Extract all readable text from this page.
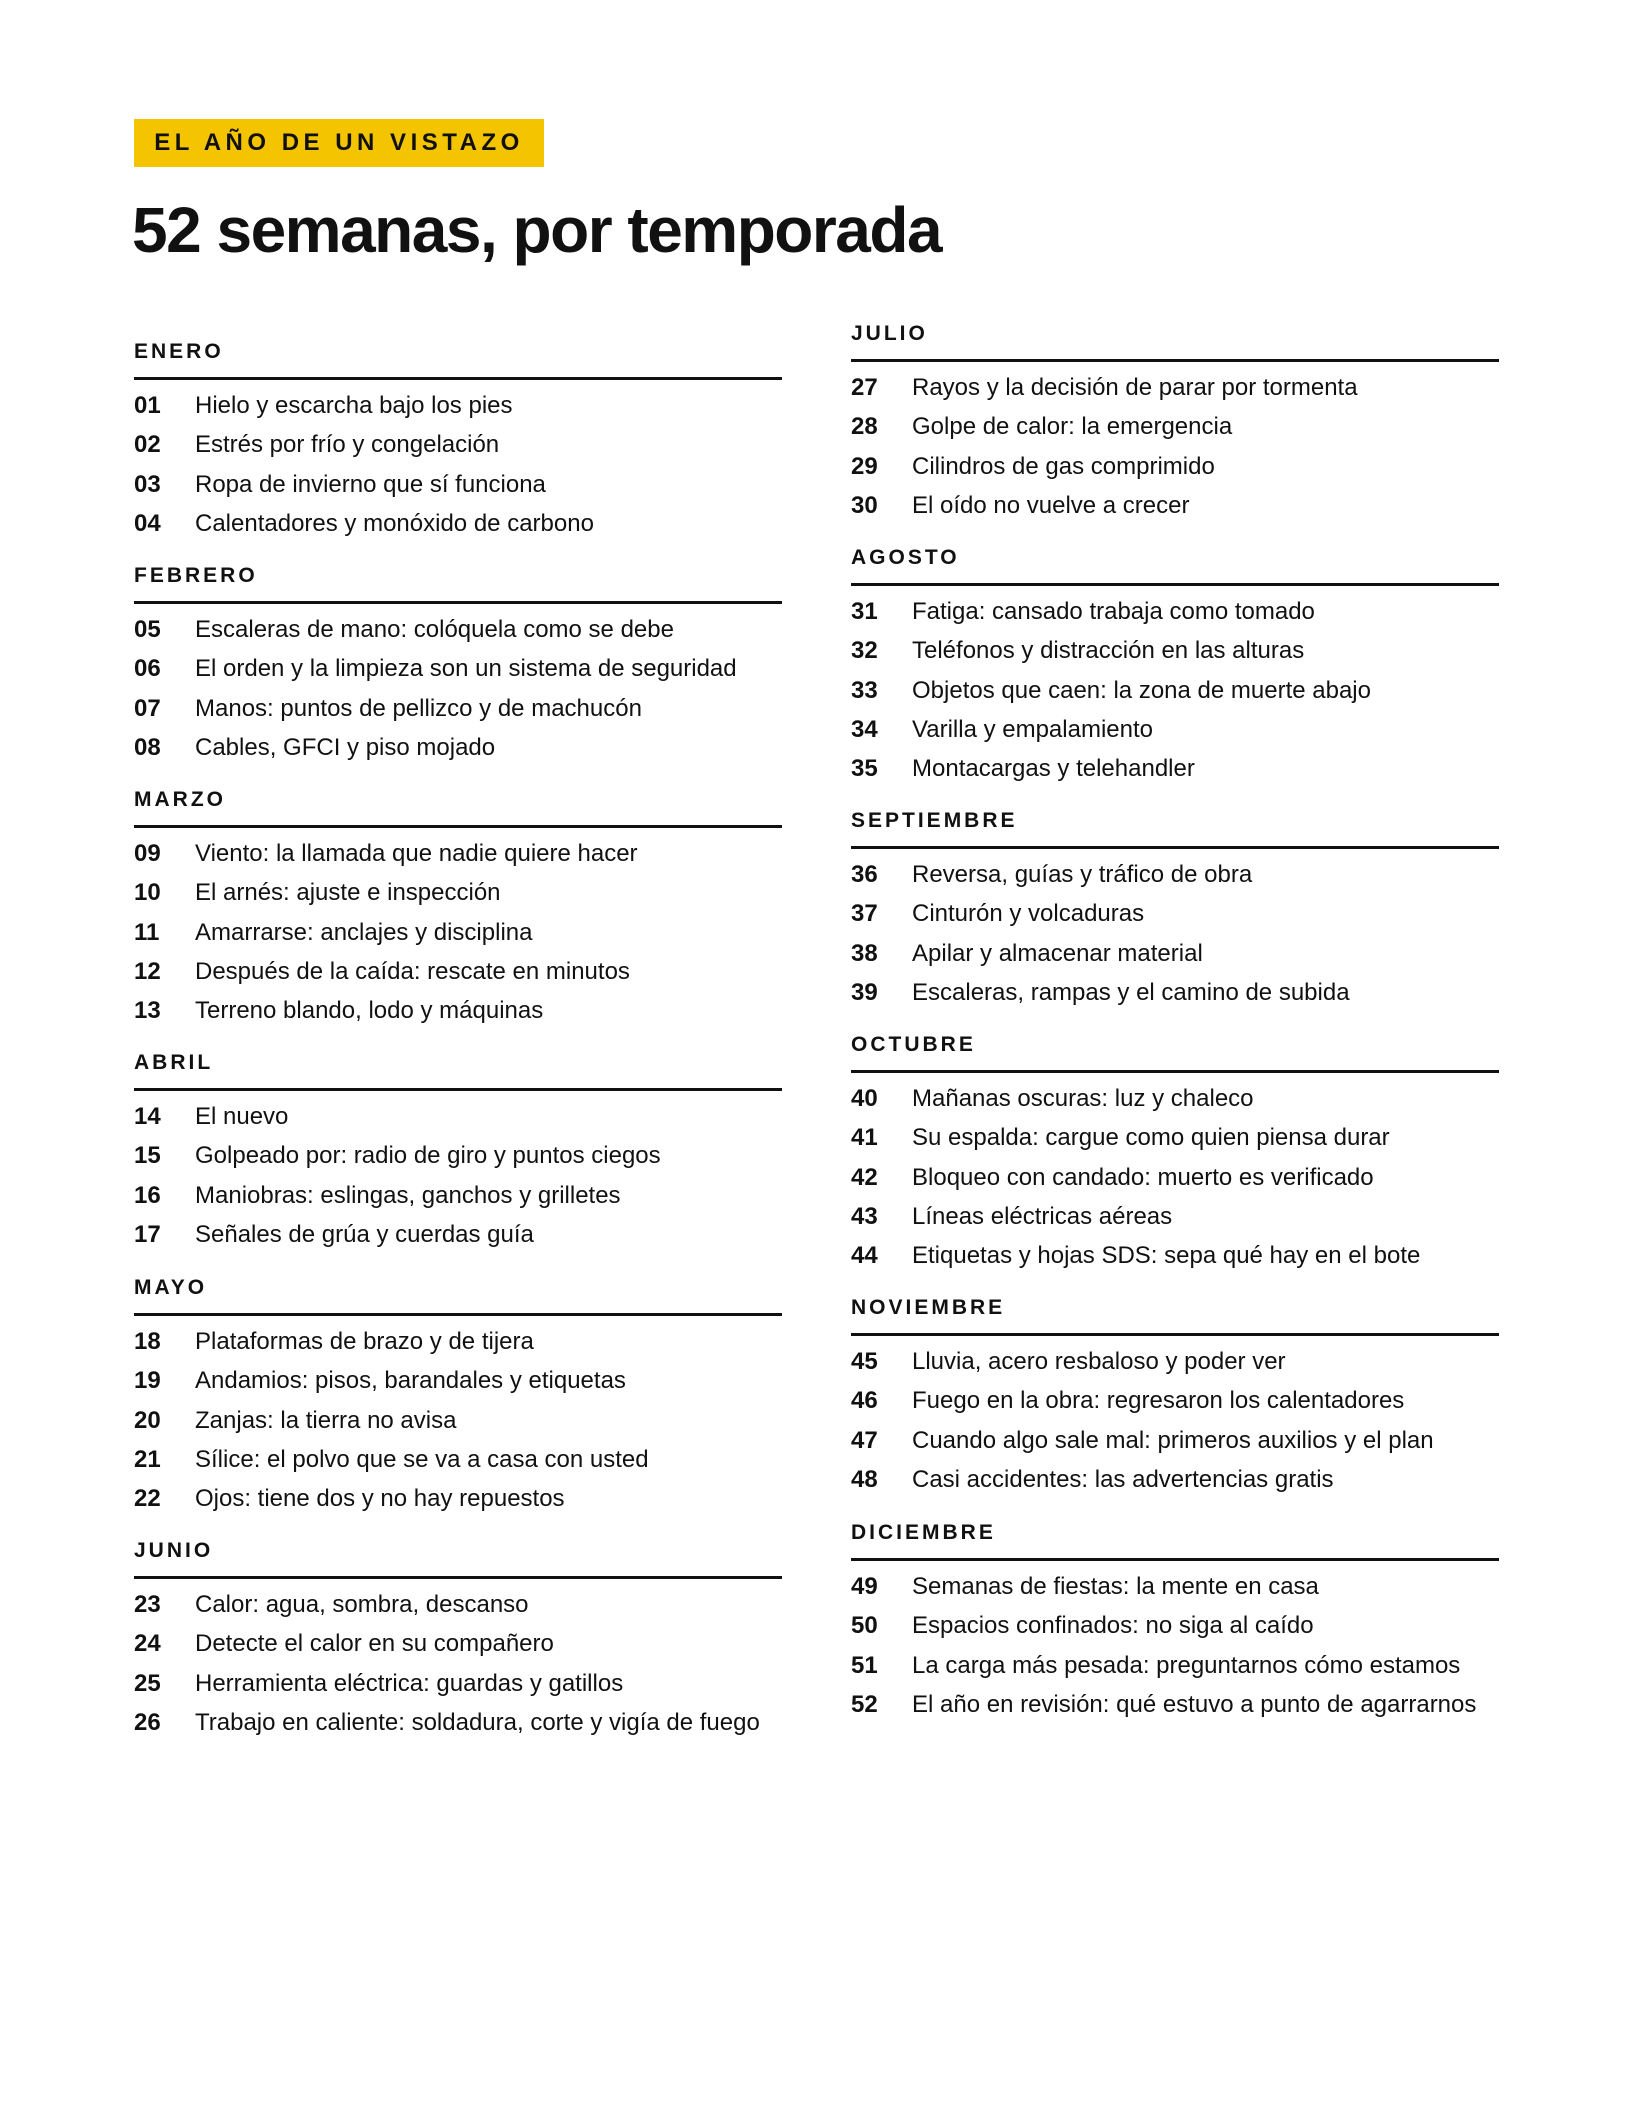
EL AÑO DE UN VISTAZO
52 semanas, por temporada
ENERO
01	Hielo y escarcha bajo los pies
02	Estrés por frío y congelación
03	Ropa de invierno que sí funciona
04	Calentadores y monóxido de carbono
FEBRERO
05	Escaleras de mano: colóquela como se debe
06	El orden y la limpieza son un sistema de seguridad
07	Manos: puntos de pellizco y de machucón
08	Cables, GFCI y piso mojado
MARZO
09	Viento: la llamada que nadie quiere hacer
10	El arnés: ajuste e inspección
11	Amarrarse: anclajes y disciplina
12	Después de la caída: rescate en minutos
13	Terreno blando, lodo y máquinas
ABRIL
14	El nuevo
15	Golpeado por: radio de giro y puntos ciegos
16	Maniobras: eslingas, ganchos y grilletes
17	Señales de grúa y cuerdas guía
MAYO
18	Plataformas de brazo y de tijera
19	Andamios: pisos, barandales y etiquetas
20	Zanjas: la tierra no avisa
21	Sílice: el polvo que se va a casa con usted
22	Ojos: tiene dos y no hay repuestos
JUNIO
23	Calor: agua, sombra, descanso
24	Detecte el calor en su compañero
25	Herramienta eléctrica: guardas y gatillos
26	Trabajo en caliente: soldadura, corte y vigía de fuego
JULIO
27	Rayos y la decisión de parar por tormenta
28	Golpe de calor: la emergencia
29	Cilindros de gas comprimido
30	El oído no vuelve a crecer
AGOSTO
31	Fatiga: cansado trabaja como tomado
32	Teléfonos y distracción en las alturas
33	Objetos que caen: la zona de muerte abajo
34	Varilla y empalamiento
35	Montacargas y telehandler
SEPTIEMBRE
36	Reversa, guías y tráfico de obra
37	Cinturón y volcaduras
38	Apilar y almacenar material
39	Escaleras, rampas y el camino de subida
OCTUBRE
40	Mañanas oscuras: luz y chaleco
41	Su espalda: cargue como quien piensa durar
42	Bloqueo con candado: muerto es verificado
43	Líneas eléctricas aéreas
44	Etiquetas y hojas SDS: sepa qué hay en el bote
NOVIEMBRE
45	Lluvia, acero resbaloso y poder ver
46	Fuego en la obra: regresaron los calentadores
47	Cuando algo sale mal: primeros auxilios y el plan
48	Casi accidentes: las advertencias gratis
DICIEMBRE
49	Semanas de fiestas: la mente en casa
50	Espacios confinados: no siga al caído
51	La carga más pesada: preguntarnos cómo estamos
52	El año en revisión: qué estuvo a punto de agarrarnos
